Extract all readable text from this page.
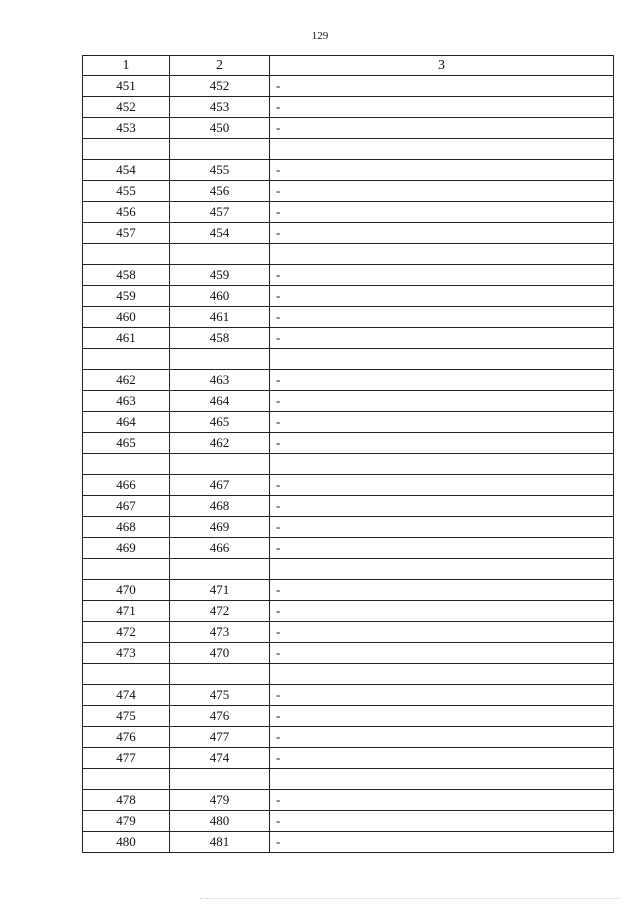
129
1	2	3
451	452	-
452	453	-
453	450	-

454	455	-
455	456	-
456	457	-
457	454	-

458	459	-
459	460	-
460	461	-
461	458	-

462	463	-
463	464	-
464	465	-
465	462	-

466	467	-
467	468	-
468	469	-
469	466	-

470	471	-
471	472	-
472	473	-
473	470	-

474	475	-
475	476	-
476	477	-
477	474	-

478	479	-
479	480	-
480	481	-
